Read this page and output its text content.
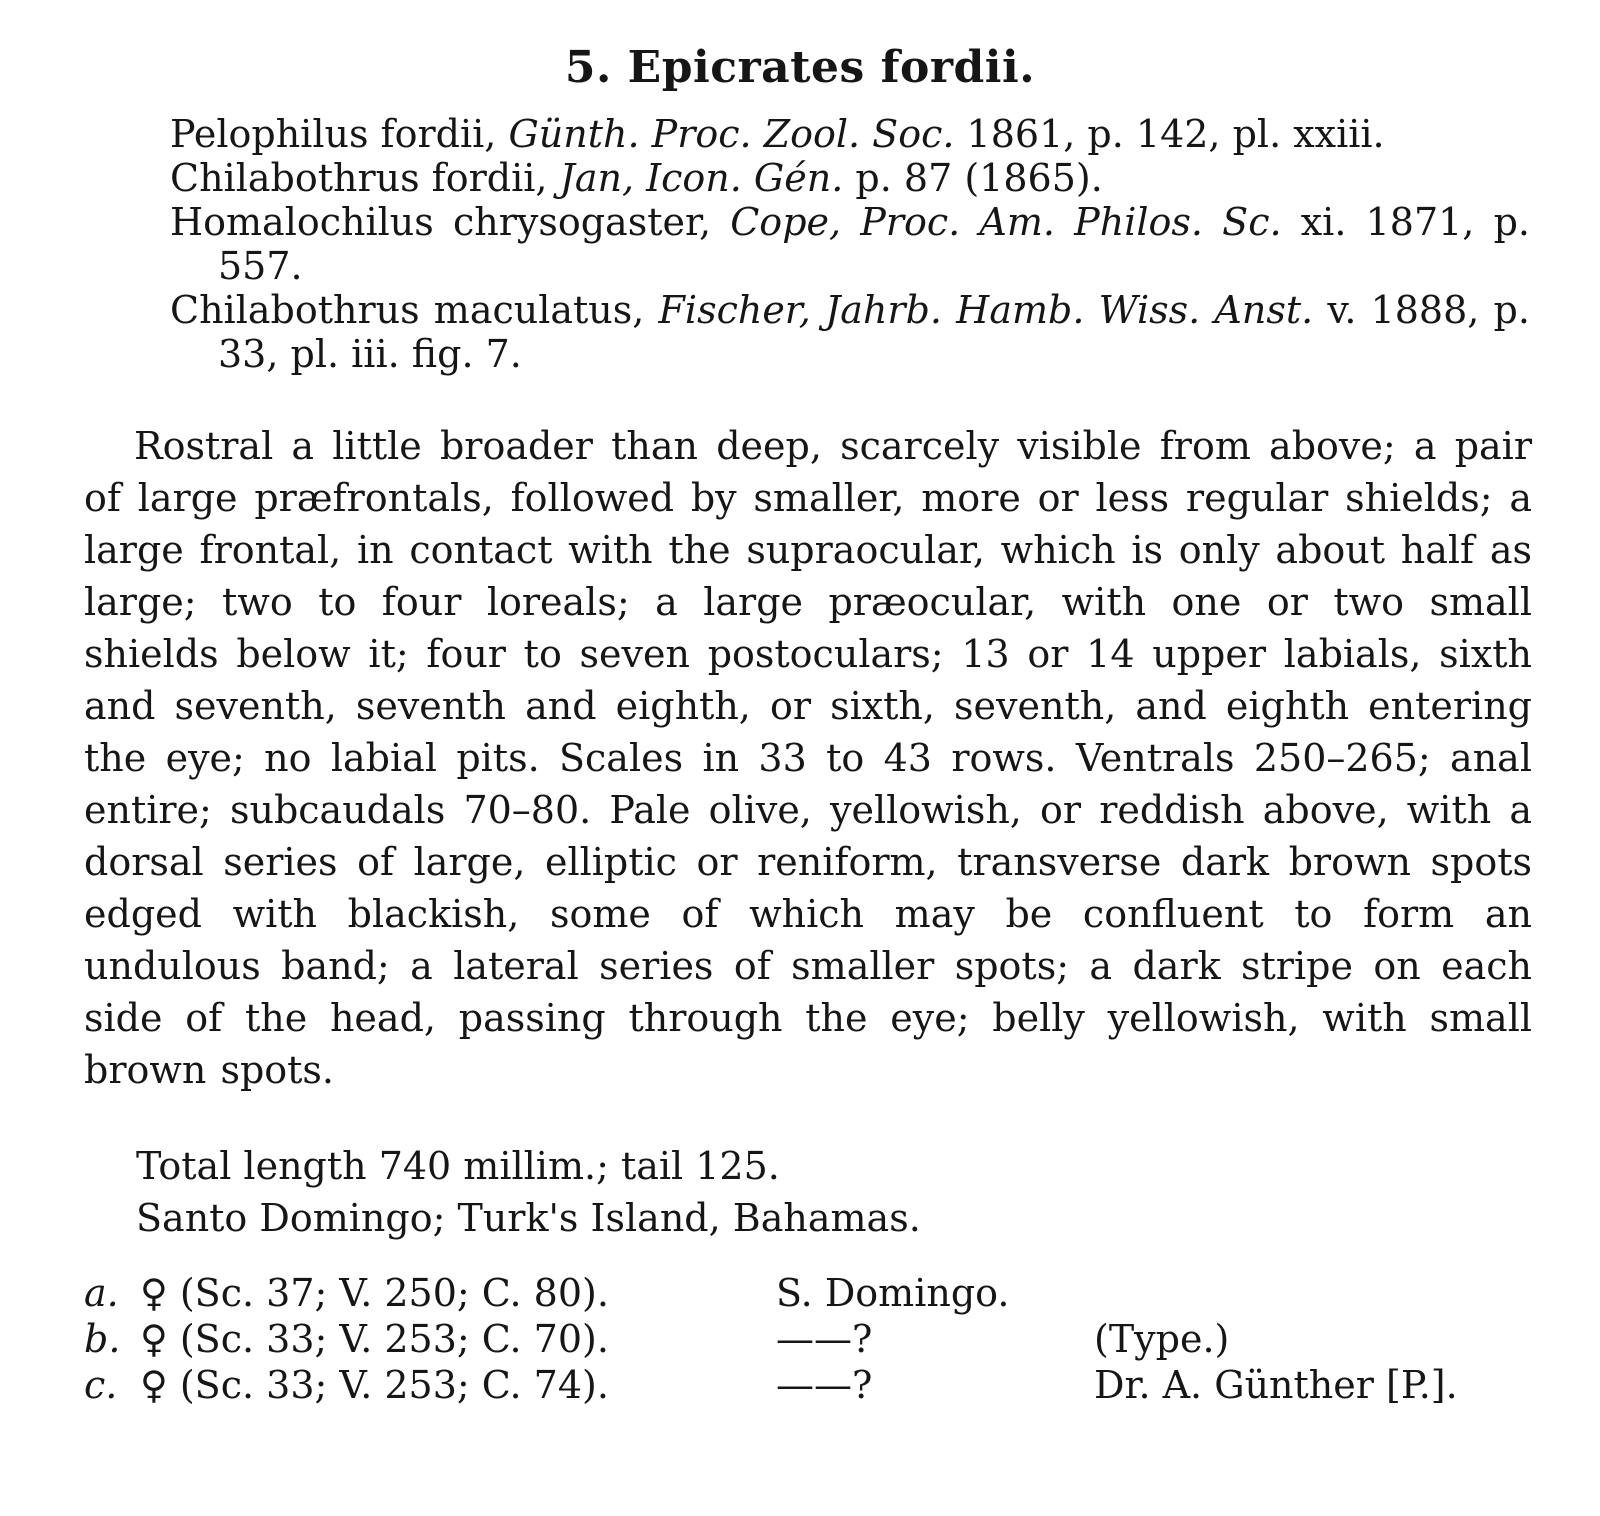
5. Epicrates fordii.

Pelophilus fordii, Günth. Proc. Zool. Soc. 1861, p. 142, pl. xxiii.

Chilabothrus fordii, Jan, Icon. Gén. p. 87 (1865).

Homalochilus chrysogaster, Cope, Proc. Am. Philos. Sc. xi. 1871, p. 557.

Chilabothrus maculatus, Fischer, Jahrb. Hamb. Wiss. Anst. v. 1888, p. 33, pl. iii. fig. 7.

Rostral a little broader than deep, scarcely visible from above; a pair of large præfrontals, followed by smaller, more or less regular shields; a large frontal, in contact with the supraocular, which is only about half as large; two to four loreals; a large præocular, with one or two small shields below it; four to seven postoculars; 13 or 14 upper labials, sixth and seventh, seventh and eighth, or sixth, seventh, and eighth entering the eye; no labial pits. Scales in 33 to 43 rows. Ventrals 250–265; anal entire; subcaudals 70–80. Pale olive, yellowish, or reddish above, with a dorsal series of large, elliptic or reniform, transverse dark brown spots edged with blackish, some of which may be confluent to form an undulous band; a lateral series of smaller spots; a dark stripe on each side of the head, passing through the eye; belly yellowish, with small brown spots.

Total length 740 millim.; tail 125.
Santo Domingo; Turk's Island, Bahamas.
a. ♀ (Sc. 37; V. 250; C. 80).	S. Domingo.
b. ♀ (Sc. 33; V. 253; C. 70).	——?	(Type.)
c. ♀ (Sc. 33; V. 253; C. 74).	——?	Dr. A. Günther [P.].
